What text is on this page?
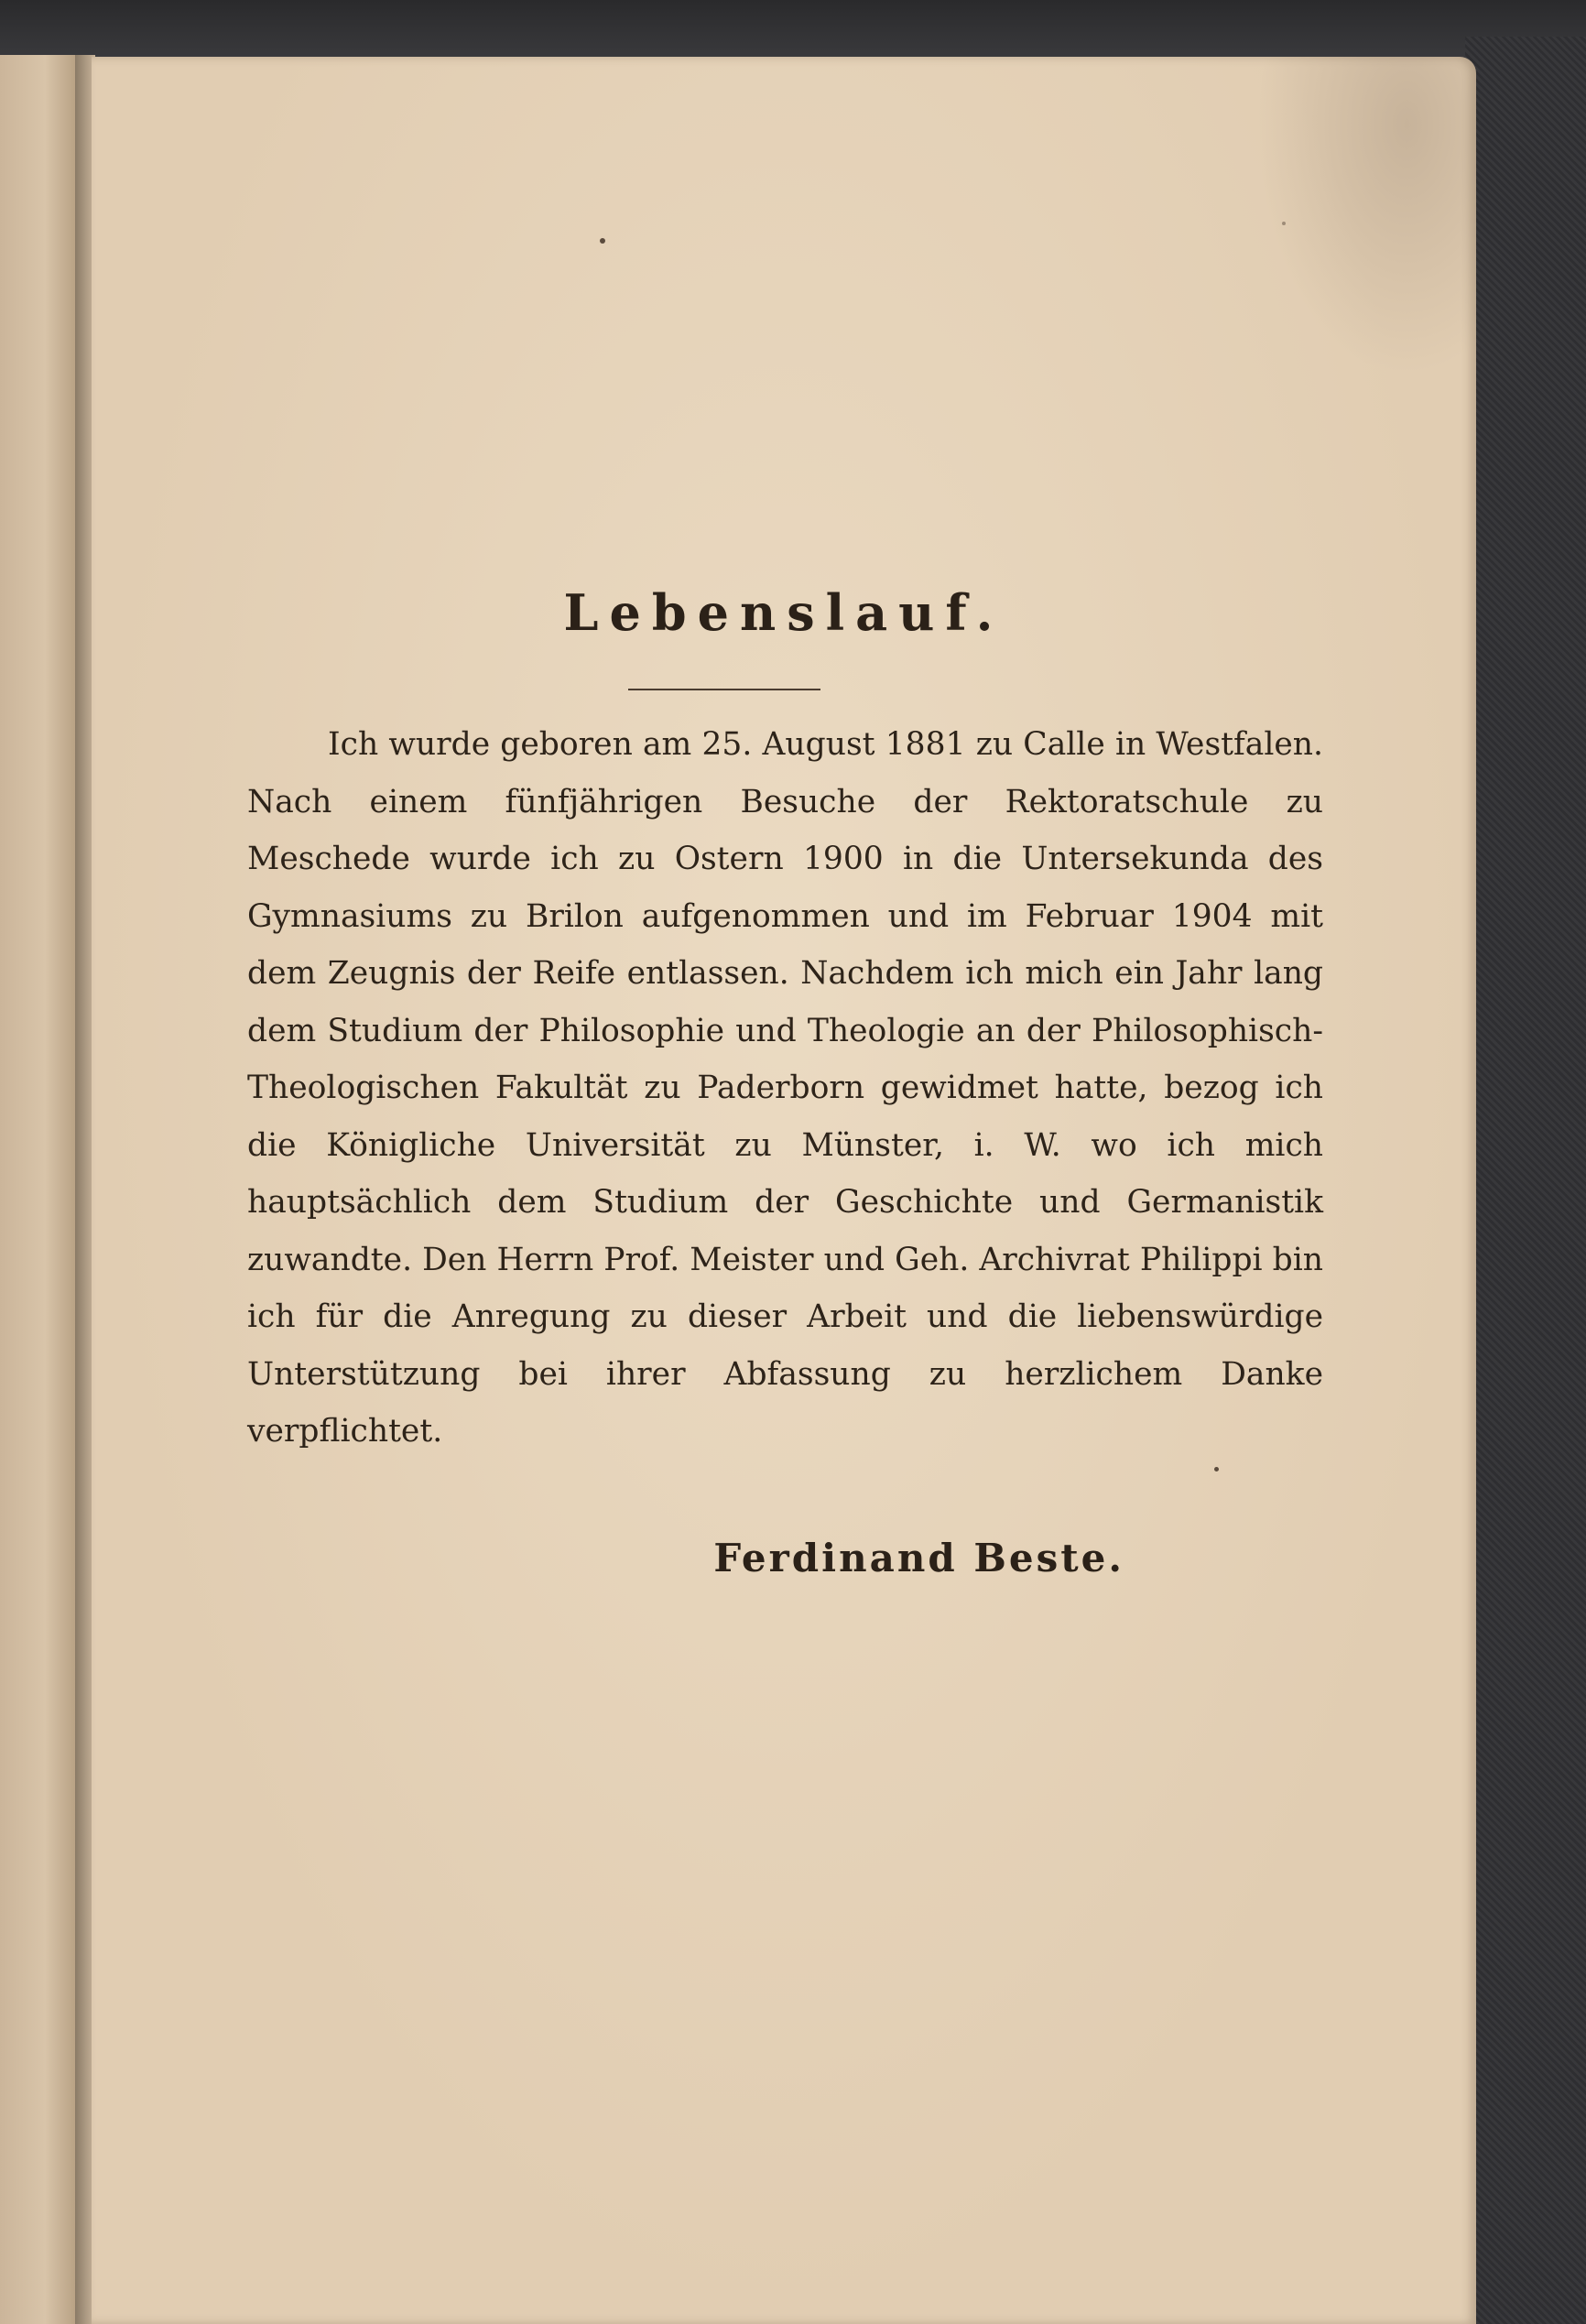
Lebenslauf.

Ich wurde geboren am 25. August 1881 zu Calle in Westfalen. Nach einem fünfjährigen Besuche der Rektoratschule zu Meschede wurde ich zu Ostern 1900 in die Untersekunda des Gymnasiums zu Brilon aufgenommen und im Februar 1904 mit dem Zeugnis der Reife entlassen. Nachdem ich mich ein Jahr lang dem Studium der Philosophie und Theologie an der Philosophisch-Theologischen Fakultät zu Paderborn gewidmet hatte, bezog ich die Königliche Universität zu Münster, i. W. wo ich mich hauptsächlich dem Studium der Geschichte und Germanistik zuwandte. Den Herrn Prof. Meister und Geh. Archivrat Philippi bin ich für die Anregung zu dieser Arbeit und die liebenswürdige Unterstützung bei ihrer Abfassung zu herzlichem Danke verpflichtet.

Ferdinand Beste.
